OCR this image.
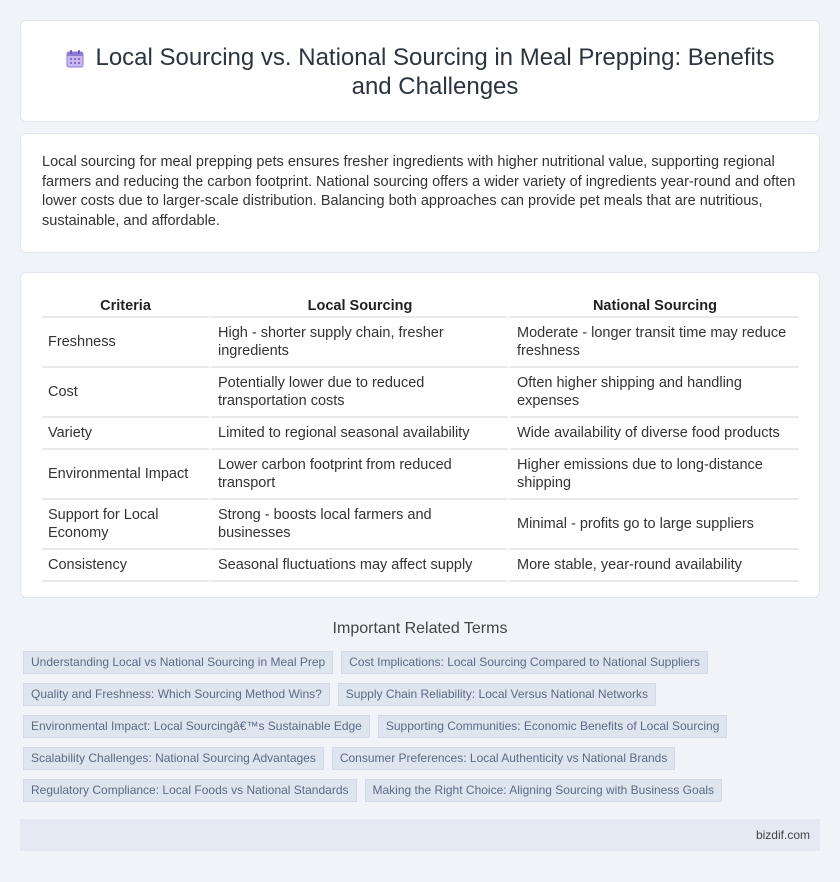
Local Sourcing vs. National Sourcing in Meal Prepping: Benefits and Challenges

Local sourcing for meal prepping pets ensures fresher ingredients with higher nutritional value, supporting regional farmers and reducing the carbon footprint. National sourcing offers a wider variety of ingredients year-round and often lower costs due to larger-scale distribution. Balancing both approaches can provide pet meals that are nutritious, sustainable, and affordable.

Criteria	Local Sourcing	National Sourcing
Freshness	High - shorter supply chain, fresher ingredients	Moderate - longer transit time may reduce freshness
Cost	Potentially lower due to reduced transportation costs	Often higher shipping and handling expenses
Variety	Limited to regional seasonal availability	Wide availability of diverse food products
Environmental Impact	Lower carbon footprint from reduced transport	Higher emissions due to long-distance shipping
Support for Local Economy	Strong - boosts local farmers and businesses	Minimal - profits go to large suppliers
Consistency	Seasonal fluctuations may affect supply	More stable, year-round availability
Important Related Terms
Understanding Local vs National Sourcing in Meal Prep	Cost Implications: Local Sourcing Compared to National Suppliers
Quality and Freshness: Which Sourcing Method Wins?	Supply Chain Reliability: Local Versus National Networks
Environmental Impact: Local Sourcingâ€™s Sustainable Edge	Supporting Communities: Economic Benefits of Local Sourcing
Scalability Challenges: National Sourcing Advantages	Consumer Preferences: Local Authenticity vs National Brands
Regulatory Compliance: Local Foods vs National Standards	Making the Right Choice: Aligning Sourcing with Business Goals
bizdif.com
